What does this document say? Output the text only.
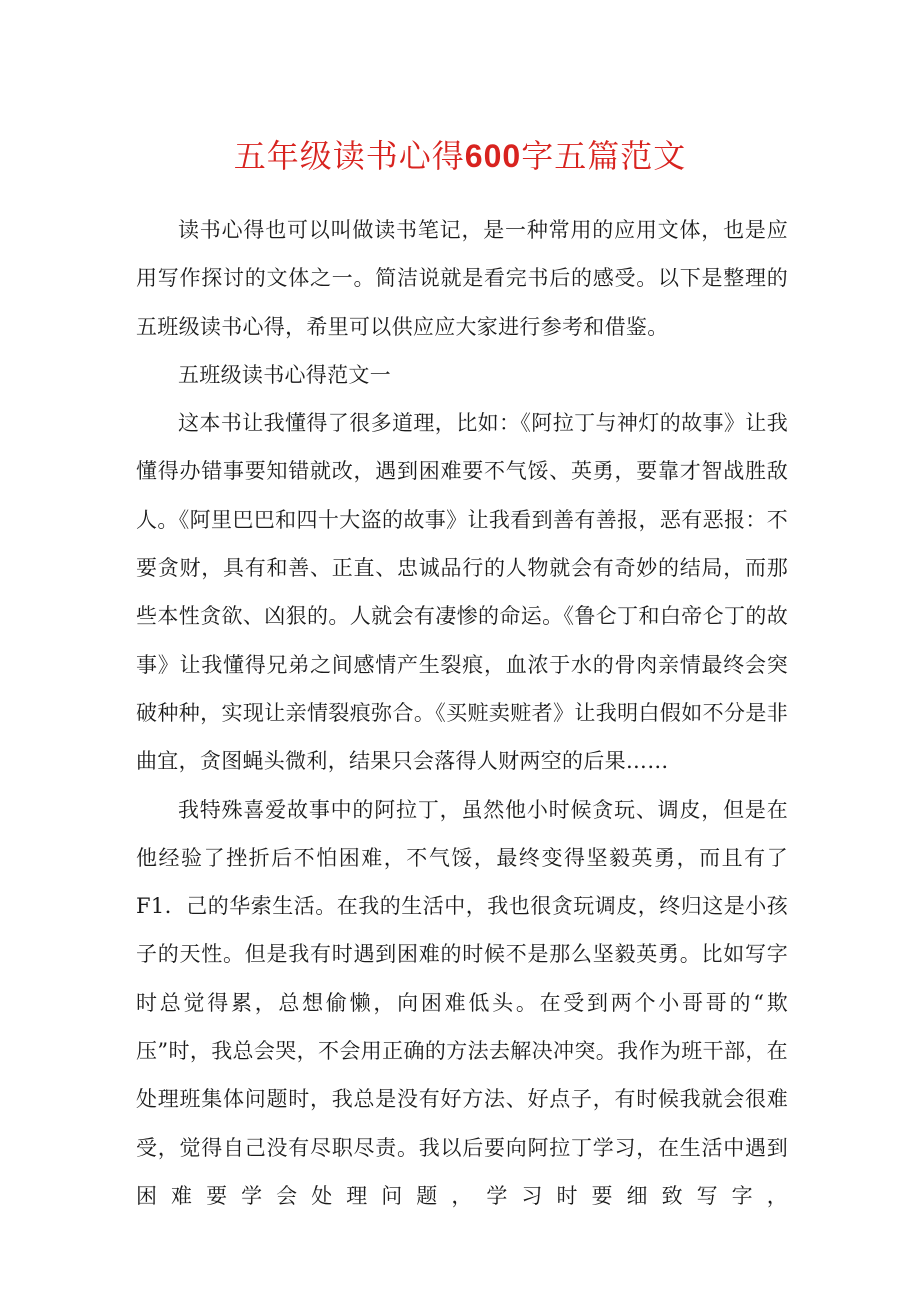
五年级读书心得600字五篇范文

读书心得也可以叫做读书笔记，是一种常用的应用文体，也是应用写作探讨的文体之一。简洁说就是看完书后的感受。以下是整理的五班级读书心得，希里可以供应应大家进行参考和借鉴。

五班级读书心得范文一

这本书让我懂得了很多道理，比如：《阿拉丁与神灯的故事》让我懂得办错事要知错就改，遇到困难要不气馁、英勇，要靠才智战胜敌人。《阿里巴巴和四十大盗的故事》让我看到善有善报，恶有恶报：不要贪财，具有和善、正直、忠诚品行的人物就会有奇妙的结局，而那些本性贪欲、凶狠的。人就会有凄惨的命运。《鲁仑丁和白帝仑丁的故事》让我懂得兄弟之间感情产生裂痕，血浓于水的骨肉亲情最终会突破种种，实现让亲情裂痕弥合。《买赃卖赃者》让我明白假如不分是非曲宜，贪图蝇头微利，结果只会落得人财两空的后果……

我特殊喜爱故事中的阿拉丁，虽然他小时候贪玩、调皮，但是在他经验了挫折后不怕困难，不气馁，最终变得坚毅英勇，而且有了F1．己的华索生活。在我的生活中，我也很贪玩调皮，终归这是小孩子的天性。但是我有时遇到困难的时候不是那么坚毅英勇。比如写字时总觉得累，总想偷懒，向困难低头。在受到两个小哥哥的“欺压”时，我总会哭，不会用正确的方法去解决冲突。我作为班干部，在处理班集体问题时，我总是没有好方法、好点子，有时候我就会很难受，觉得自己没有尽职尽责。我以后要向阿拉丁学习，在生活中遇到困难要学会处理问题，学习时要细致写字，
